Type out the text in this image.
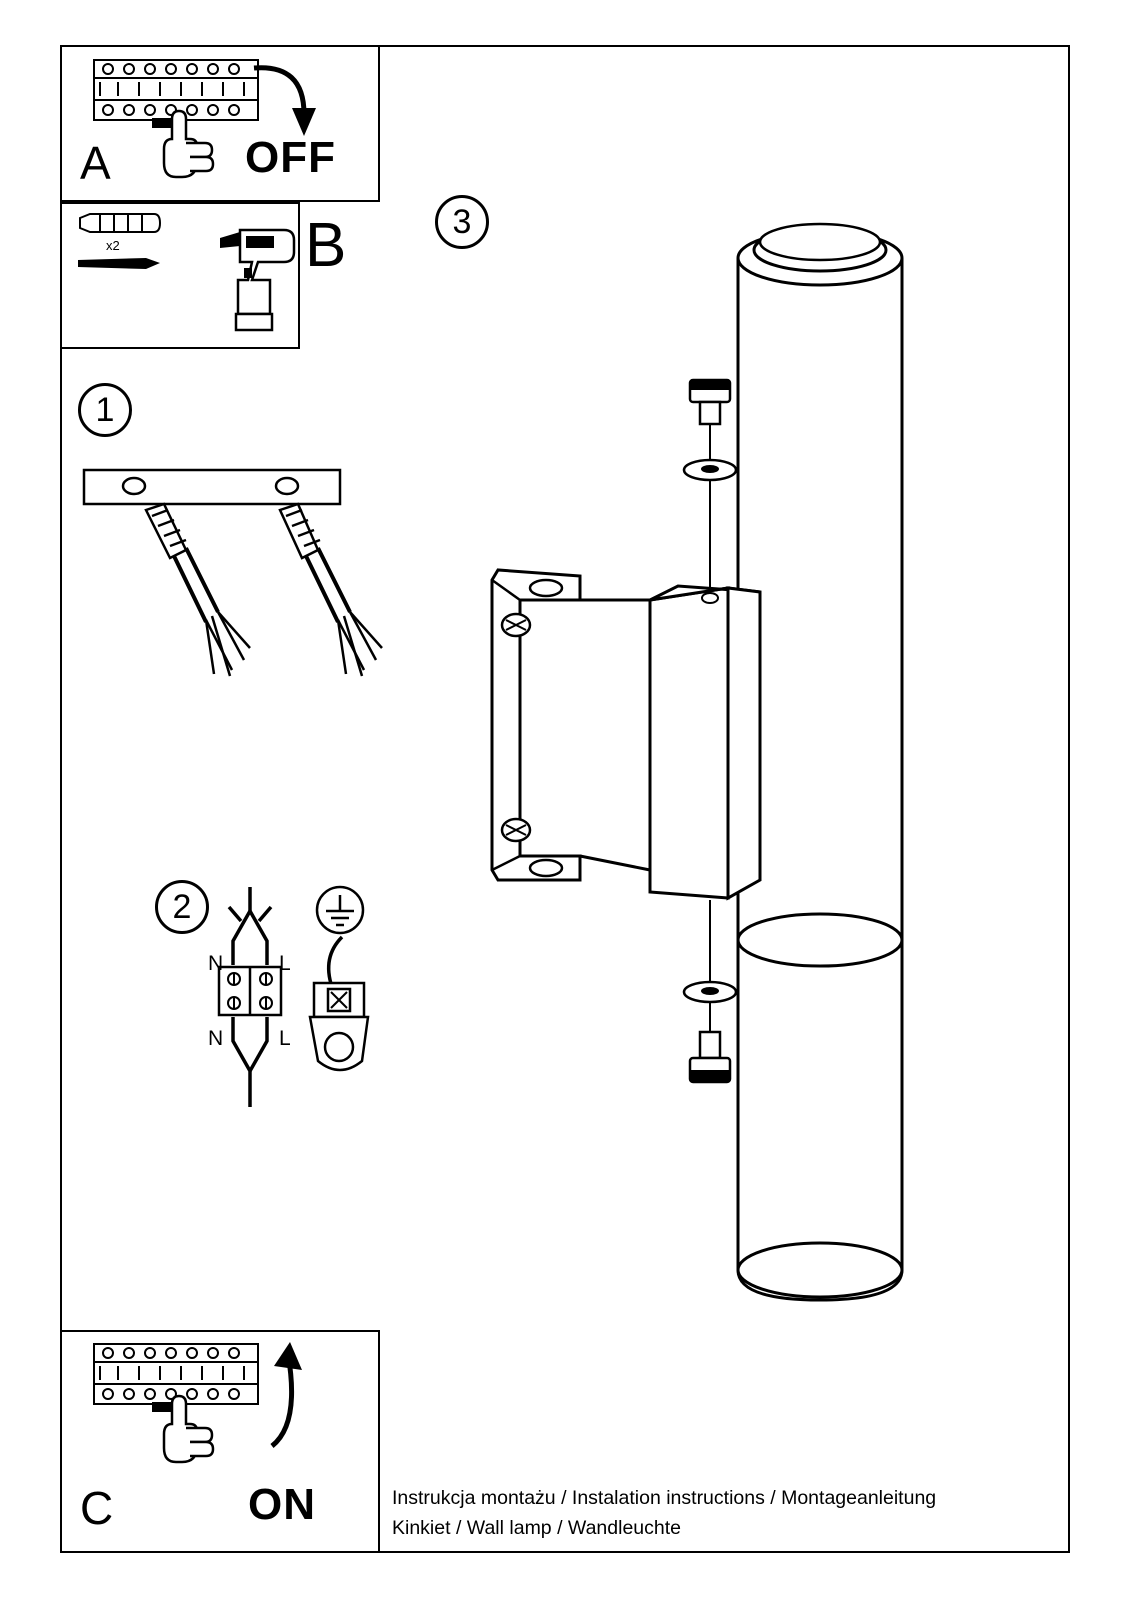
A	OFF
x2	B
1
2
N	L
N	L
3
C	ON	Instrukcja montażu / Instalation instructions / Montageanleitung
Kinkiet / Wall lamp / Wandleuchte
